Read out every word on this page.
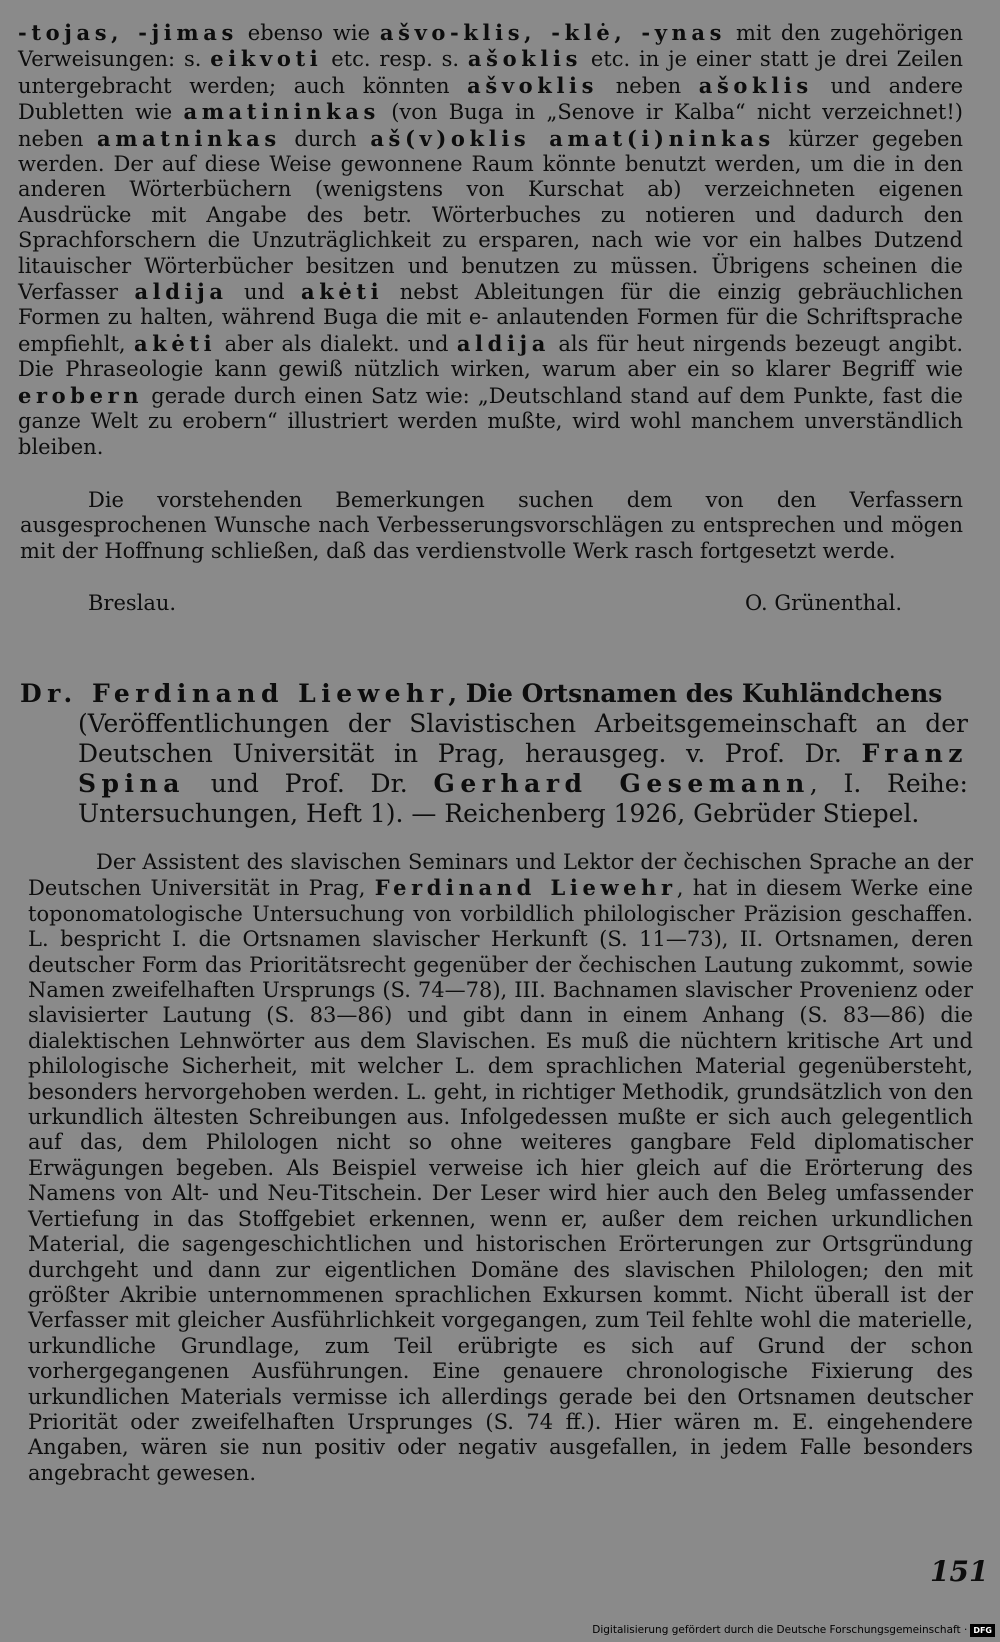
-tojas, -jimas ebenso wie ašvo-klis, -klė, -ynas mit den zugehörigen Verweisungen: s. eikvoti etc. resp. s. ašoklis etc. in je einer statt je drei Zeilen untergebracht werden; auch könnten ašvoklis neben ašoklis und andere Dubletten wie amatininkas (von Buga in „Senove ir Kalba“ nicht verzeichnet!) neben amatninkas durch aš(v)oklis amat(i)ninkas kürzer gegeben werden. Der auf diese Weise gewonnene Raum könnte benutzt werden, um die in den anderen Wörterbüchern (wenigstens von Kurschat ab) verzeichneten eigenen Ausdrücke mit Angabe des betr. Wörterbuches zu notieren und dadurch den Sprachforschern die Unzuträglichkeit zu ersparen, nach wie vor ein halbes Dutzend litauischer Wörterbücher besitzen und benutzen zu müssen. Übrigens scheinen die Verfasser aldija und akėti nebst Ableitungen für die einzig gebräuchlichen Formen zu halten, während Buga die mit e- anlautenden Formen für die Schriftsprache empfiehlt, akėti aber als dialekt. und aldija als für heut nirgends bezeugt angibt. Die Phraseologie kann gewiß nützlich wirken, warum aber ein so klarer Begriff wie erobern gerade durch einen Satz wie: „Deutschland stand auf dem Punkte, fast die ganze Welt zu erobern“ illustriert werden mußte, wird wohl manchem unverständlich bleiben.

Die vorstehenden Bemerkungen suchen dem von den Verfassern ausgesprochenen Wunsche nach Verbesserungsvorschlägen zu entsprechen und mögen mit der Hoffnung schließen, daß das verdienstvolle Werk rasch fortgesetzt werde.

Breslau.	O. Grünenthal.
Dr. Ferdinand Liewehr, Die Ortsnamen des Kuhländchens
(Veröffentlichungen der Slavistischen Arbeitsgemeinschaft an der Deutschen Universität in Prag, herausgeg. v. Prof. Dr. Franz Spina und Prof. Dr. Gerhard Gesemann, I. Reihe: Untersuchungen, Heft 1). — Reichenberg 1926, Gebrüder Stiepel.

Der Assistent des slavischen Seminars und Lektor der čechischen Sprache an der Deutschen Universität in Prag, Ferdinand Liewehr, hat in diesem Werke eine toponomatologische Untersuchung von vorbildlich philologischer Präzision geschaffen. L. bespricht I. die Ortsnamen slavischer Herkunft (S. 11—73), II. Ortsnamen, deren deutscher Form das Prioritätsrecht gegenüber der čechischen Lautung zukommt, sowie Namen zweifelhaften Ursprungs (S. 74—78), III. Bachnamen slavischer Provenienz oder slavisierter Lautung (S. 83—86) und gibt dann in einem Anhang (S. 83—86) die dialektischen Lehnwörter aus dem Slavischen. Es muß die nüchtern kritische Art und philologische Sicherheit, mit welcher L. dem sprachlichen Material gegenübersteht, besonders hervorgehoben werden. L. geht, in richtiger Methodik, grundsätzlich von den urkundlich ältesten Schreibungen aus. Infolgedessen mußte er sich auch gelegentlich auf das, dem Philologen nicht so ohne weiteres gangbare Feld diplomatischer Erwägungen begeben. Als Beispiel verweise ich hier gleich auf die Erörterung des Namens von Alt- und Neu-Titschein. Der Leser wird hier auch den Beleg umfassender Vertiefung in das Stoffgebiet erkennen, wenn er, außer dem reichen urkundlichen Material, die sagengeschichtlichen und historischen Erörterungen zur Ortsgründung durchgeht und dann zur eigentlichen Domäne des slavischen Philologen; den mit größter Akribie unternommenen sprachlichen Exkursen kommt. Nicht überall ist der Verfasser mit gleicher Ausführlichkeit vorgegangen, zum Teil fehlte wohl die materielle, urkundliche Grundlage, zum Teil erübrigte es sich auf Grund der schon vorhergegangenen Ausführungen. Eine genauere chronologische Fixierung des urkundlichen Materials vermisse ich allerdings gerade bei den Ortsnamen deutscher Priorität oder zweifelhaften Ursprunges (S. 74 ff.). Hier wären m. E. eingehendere Angaben, wären sie nun positiv oder negativ ausgefallen, in jedem Falle besonders angebracht gewesen.

151
Digitalisierung gefördert durch die Deutsche Forschungsgemeinschaft · DFG
